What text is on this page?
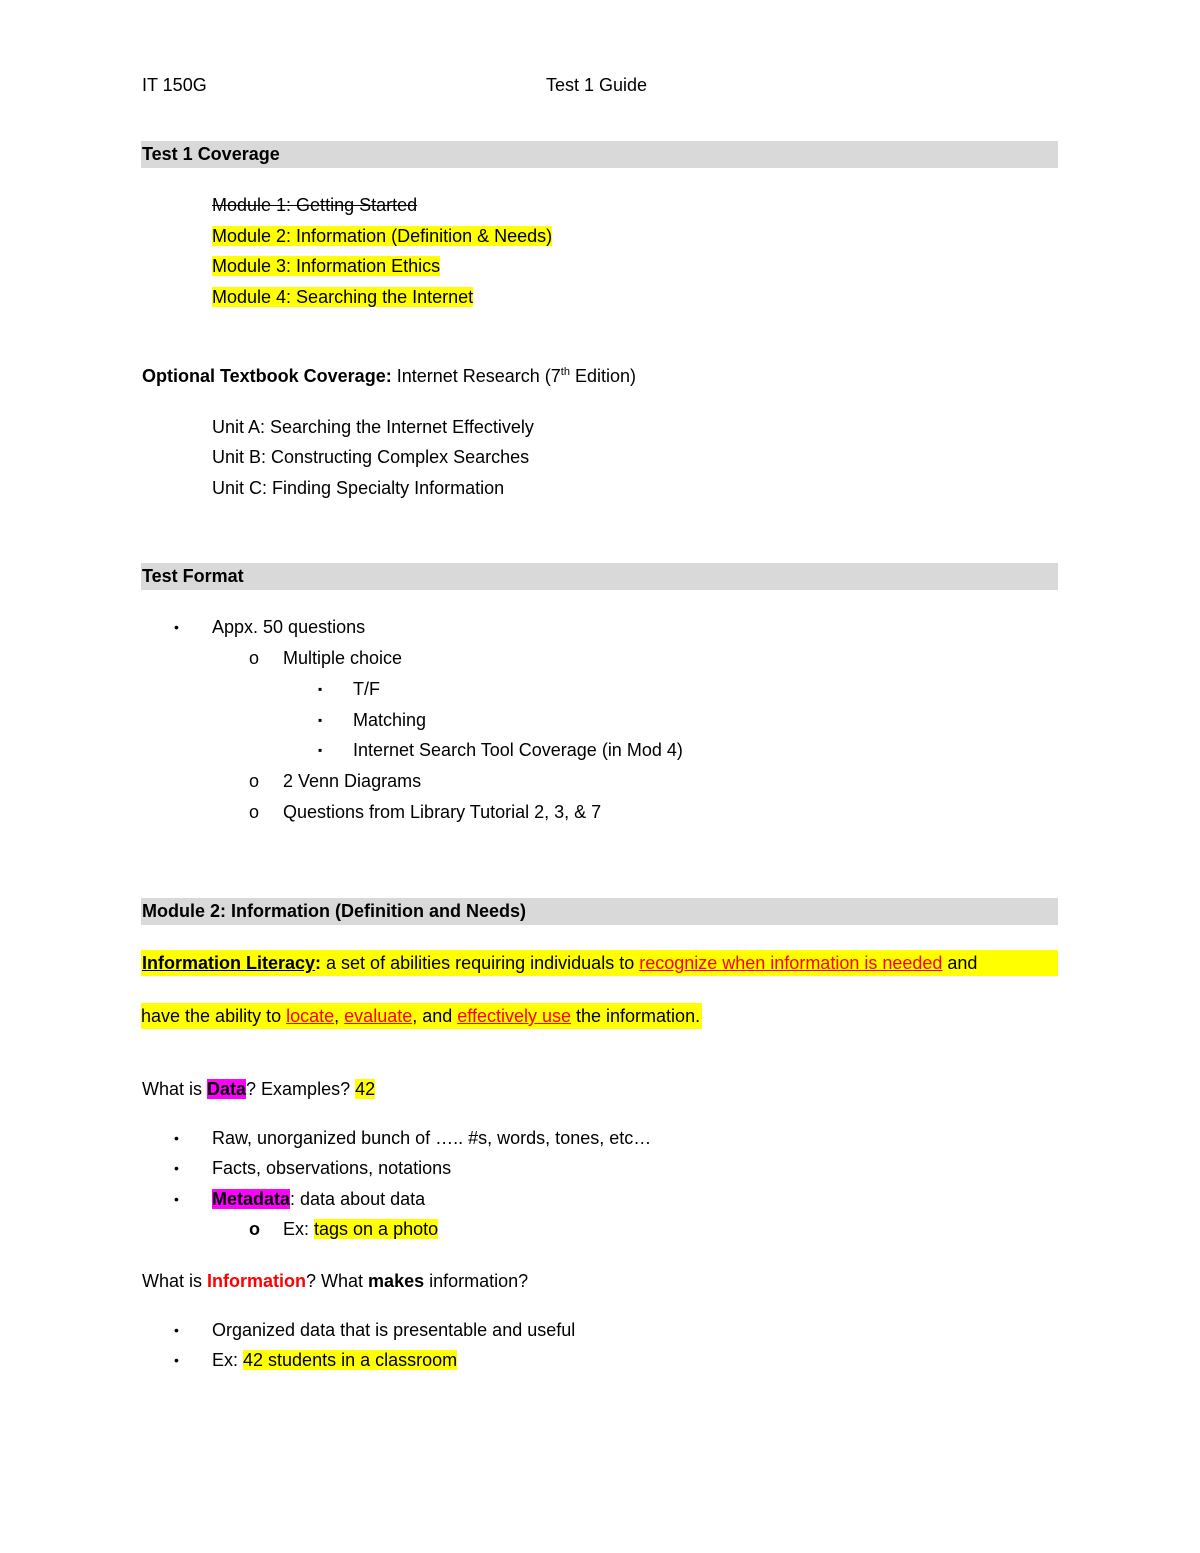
IT 150G	Test 1 Guide
Test 1 Coverage
Module 1: Getting Started
Module 2: Information (Definition & Needs)
Module 3: Information Ethics
Module 4: Searching the Internet
Optional Textbook Coverage: Internet Research (7th Edition)
Unit A: Searching the Internet Effectively
Unit B: Constructing Complex Searches
Unit C: Finding Specialty Information
Test Format
• Appx. 50 questions
o Multiple choice
▪ T/F
▪ Matching
▪ Internet Search Tool Coverage (in Mod 4)
o 2 Venn Diagrams
o Questions from Library Tutorial 2, 3, & 7
Module 2: Information (Definition and Needs)
Information Literacy: a set of abilities requiring individuals to recognize when information is needed and
have the ability to locate, evaluate, and effectively use the information.
What is Data? Examples? 42
• Raw, unorganized bunch of ….. #s, words, tones, etc…
• Facts, observations, notations
• Metadata: data about data
o Ex: tags on a photo
What is Information? What makes information?
• Organized data that is presentable and useful
• Ex: 42 students in a classroom
